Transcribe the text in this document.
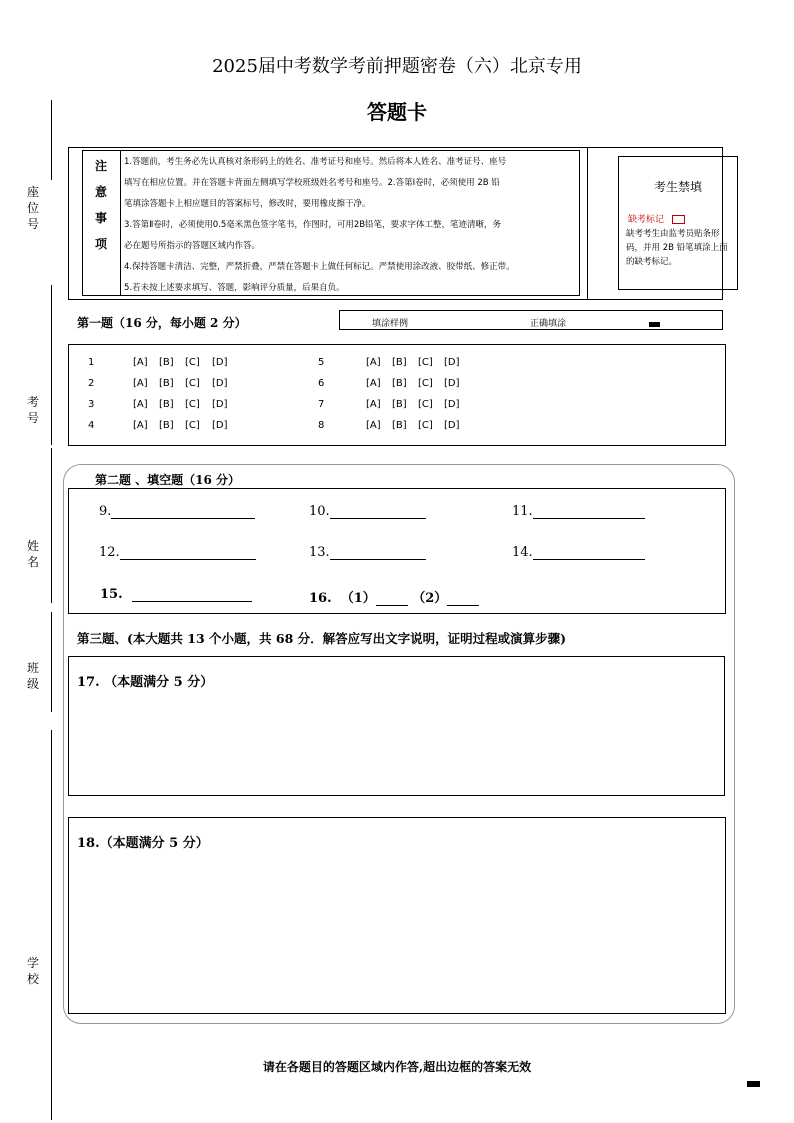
2025届中考数学考前押题密卷（六）北京专用
答题卡
座位号
考号
姓名
班级
学校
注
意
事
项
1.答题前，考生务必先认真核对条形码上的姓名、准考证号和座号。然后将本人姓名、准考证号、座号
填写在相应位置。并在答题卡背面左侧填写学校班级姓名考号和座号。2.答第Ⅰ卷时，必须使用 2B 铅
笔填涂答题卡上相应题目的答案标号，修改时，要用橡皮擦干净。
3.答第Ⅱ卷时，必须使用0.5毫米黑色签字笔书，作图时，可用2B铅笔，要求字体工整，笔迹清晰，务
必在题号所指示的答题区域内作答。
4.保持答题卡清洁、完整，严禁折叠，严禁在答题卡上做任何标记。严禁使用涂改液、胶带纸、修正带。
5.若未按上述要求填写、答题，影响评分质量，后果自负。
考生禁填
缺考标记
缺考考生由监考员贴条形码，并用 2B 铅笔填涂上面的缺考标记。
第一题（16 分，每小题 2 分）	填涂样例	正确填涂
1	[A] [B] [C] [D]
2	[A] [B] [C] [D]
3	[A] [B] [C] [D]
4	[A] [B] [C] [D]
5	[A] [B] [C] [D]
6	[A] [B] [C] [D]
7	[A] [B] [C] [D]
8	[A] [B] [C] [D]
第二题 、填空题（16 分）
9.	10.	11.
12.	13.	14.
15.	16. （1）	（2）
第三题、(本大题共 13 个小题，共 68 分．解答应写出文字说明，证明过程或演算步骤)
17. （本题满分 5 分）
18.（本题满分 5 分）
请在各题目的答题区域内作答,超出边框的答案无效
